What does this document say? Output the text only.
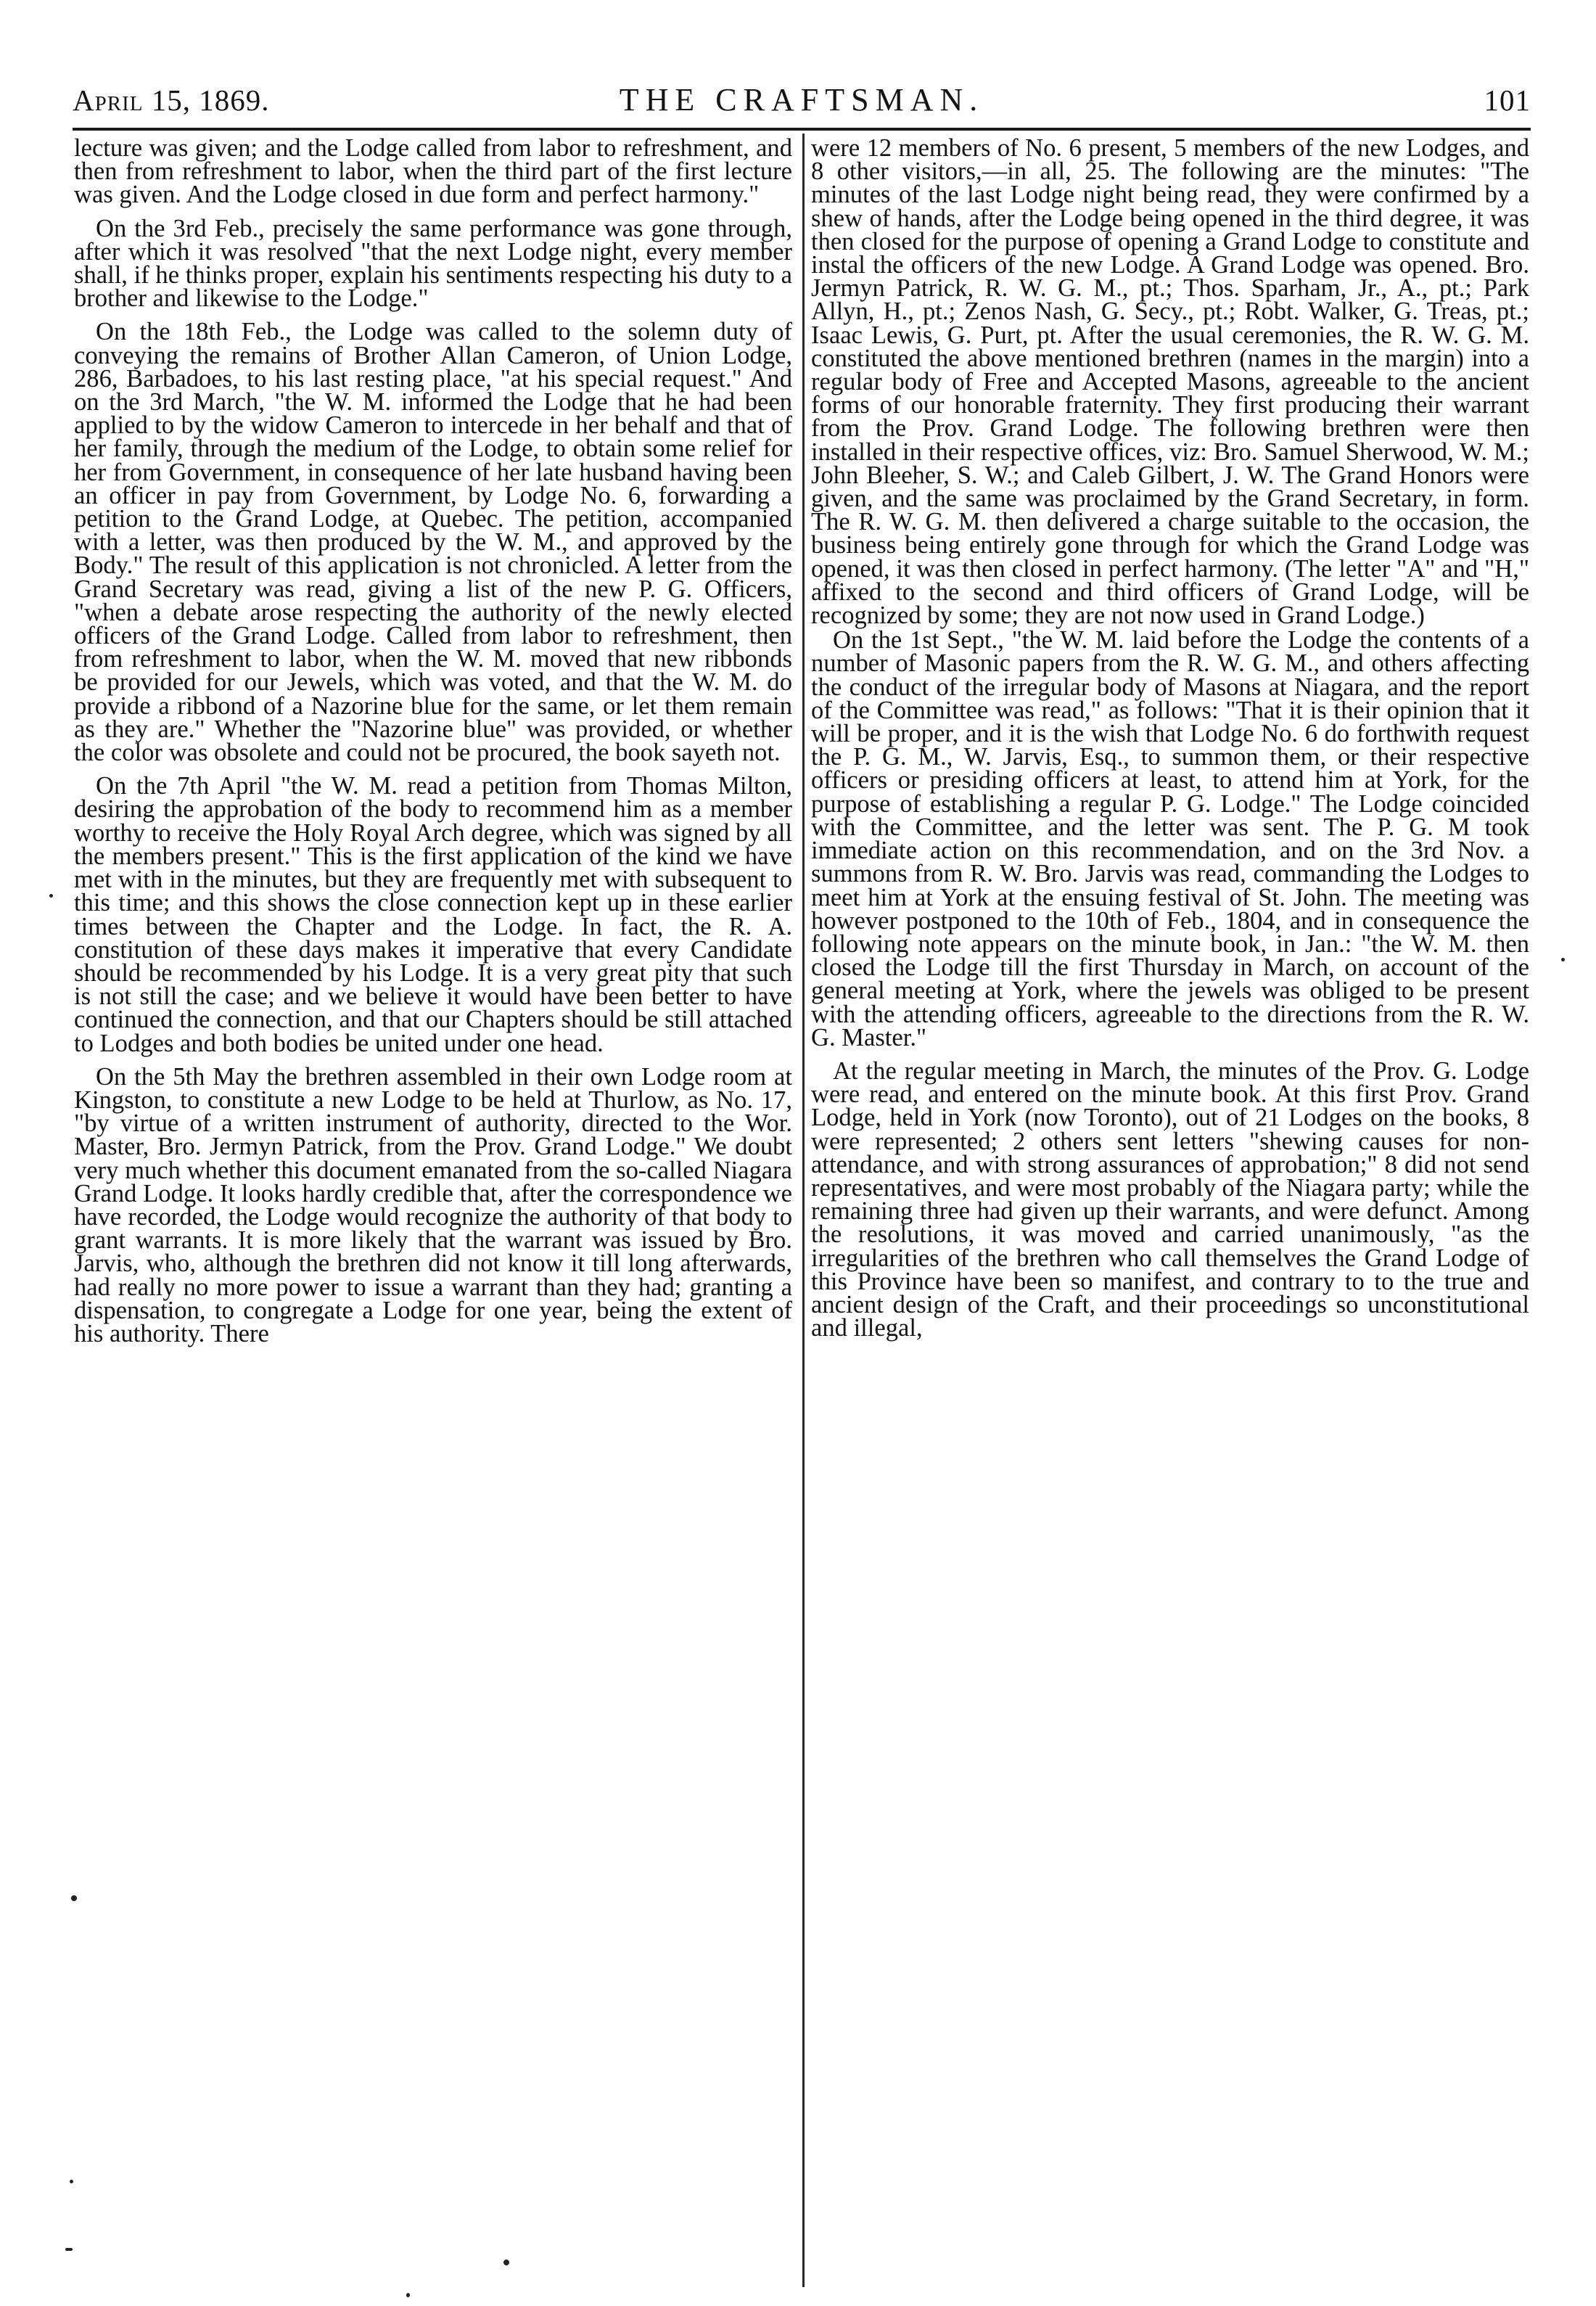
April 15, 1869.	THE CRAFTSMAN.	101

lecture was given; and the Lodge called from labor to refreshment, and then from refreshment to labor, when the third part of the first lecture was given. And the Lodge closed in due form and perfect harmony."

On the 3rd Feb., precisely the same performance was gone through, after which it was resolved "that the next Lodge night, every member shall, if he thinks proper, explain his sentiments respecting his duty to a brother and likewise to the Lodge."

On the 18th Feb., the Lodge was called to the solemn duty of conveying the remains of Brother Allan Cameron, of Union Lodge, 286, Barbadoes, to his last resting place, "at his special request." And on the 3rd March, "the W. M. informed the Lodge that he had been applied to by the widow Cameron to intercede in her behalf and that of her family, through the medium of the Lodge, to obtain some relief for her from Government, in consequence of her late husband having been an officer in pay from Government, by Lodge No. 6, forwarding a petition to the Grand Lodge, at Quebec. The petition, accompanied with a letter, was then produced by the W. M., and approved by the Body." The result of this application is not chronicled. A letter from the Grand Secretary was read, giving a list of the new P. G. Officers, "when a debate arose respecting the authority of the newly elected officers of the Grand Lodge. Called from labor to refreshment, then from refreshment to labor, when the W. M. moved that new ribbonds be provided for our Jewels, which was voted, and that the W. M. do provide a ribbond of a Nazorine blue for the same, or let them remain as they are." Whether the "Nazorine blue" was provided, or whether the color was obsolete and could not be procured, the book sayeth not.

On the 7th April "the W. M. read a petition from Thomas Milton, desiring the approbation of the body to recommend him as a member worthy to receive the Holy Royal Arch degree, which was signed by all the members present." This is the first application of the kind we have met with in the minutes, but they are frequently met with subsequent to this time; and this shows the close connection kept up in these earlier times between the Chapter and the Lodge. In fact, the R. A. constitution of these days makes it imperative that every Candidate should be recommended by his Lodge. It is a very great pity that such is not still the case; and we believe it would have been better to have continued the connection, and that our Chapters should be still attached to Lodges and both bodies be united under one head.

On the 5th May the brethren assembled in their own Lodge room at Kingston, to constitute a new Lodge to be held at Thurlow, as No. 17, "by virtue of a written instrument of authority, directed to the Wor. Master, Bro. Jermyn Patrick, from the Prov. Grand Lodge." We doubt very much whether this document emanated from the so-called Niagara Grand Lodge. It looks hardly credible that, after the correspondence we have recorded, the Lodge would recognize the authority of that body to grant warrants. It is more likely that the warrant was issued by Bro. Jarvis, who, although the brethren did not know it till long afterwards, had really no more power to issue a warrant than they had; granting a dispensation, to congregate a Lodge for one year, being the extent of his authority. There

were 12 members of No. 6 present, 5 members of the new Lodges, and 8 other visitors,—in all, 25. The following are the minutes: "The minutes of the last Lodge night being read, they were confirmed by a shew of hands, after the Lodge being opened in the third degree, it was then closed for the purpose of opening a Grand Lodge to constitute and instal the officers of the new Lodge. A Grand Lodge was opened. Bro. Jermyn Patrick, R. W. G. M., pt.; Thos. Sparham, Jr., A., pt.; Park Allyn, H., pt.; Zenos Nash, G. Secy., pt.; Robt. Walker, G. Treas, pt.; Isaac Lewis, G. Purt, pt. After the usual ceremonies, the R. W. G. M. constituted the above mentioned brethren (names in the margin) into a regular body of Free and Accepted Masons, agreeable to the ancient forms of our honorable fraternity. They first producing their warrant from the Prov. Grand Lodge. The following brethren were then installed in their respective offices, viz: Bro. Samuel Sherwood, W. M.; John Bleeher, S. W.; and Caleb Gilbert, J. W. The Grand Honors were given, and the same was proclaimed by the Grand Secretary, in form. The R. W. G. M. then delivered a charge suitable to the occasion, the business being entirely gone through for which the Grand Lodge was opened, it was then closed in perfect harmony. (The letter "A" and "H," affixed to the second and third officers of Grand Lodge, will be recognized by some; they are not now used in Grand Lodge.)

On the 1st Sept., "the W. M. laid before the Lodge the contents of a number of Masonic papers from the R. W. G. M., and others affecting the conduct of the irregular body of Masons at Niagara, and the report of the Committee was read," as follows: "That it is their opinion that it will be proper, and it is the wish that Lodge No. 6 do forthwith request the P. G. M., W. Jarvis, Esq., to summon them, or their respective officers or presiding officers at least, to attend him at York, for the purpose of establishing a regular P. G. Lodge." The Lodge coincided with the Committee, and the letter was sent. The P. G. M took immediate action on this recommendation, and on the 3rd Nov. a summons from R. W. Bro. Jarvis was read, commanding the Lodges to meet him at York at the ensuing festival of St. John. The meeting was however postponed to the 10th of Feb., 1804, and in consequence the following note appears on the minute book, in Jan.: "the W. M. then closed the Lodge till the first Thursday in March, on account of the general meeting at York, where the jewels was obliged to be present with the attending officers, agreeable to the directions from the R. W. G. Master."

At the regular meeting in March, the minutes of the Prov. G. Lodge were read, and entered on the minute book. At this first Prov. Grand Lodge, held in York (now Toronto), out of 21 Lodges on the books, 8 were represented; 2 others sent letters "shewing causes for non-attendance, and with strong assurances of approbation;" 8 did not send representatives, and were most probably of the Niagara party; while the remaining three had given up their warrants, and were defunct. Among the resolutions, it was moved and carried unanimously, "as the irregularities of the brethren who call themselves the Grand Lodge of this Province have been so manifest, and contrary to to the true and ancient design of the Craft, and their proceedings so unconstitutional and illegal,
